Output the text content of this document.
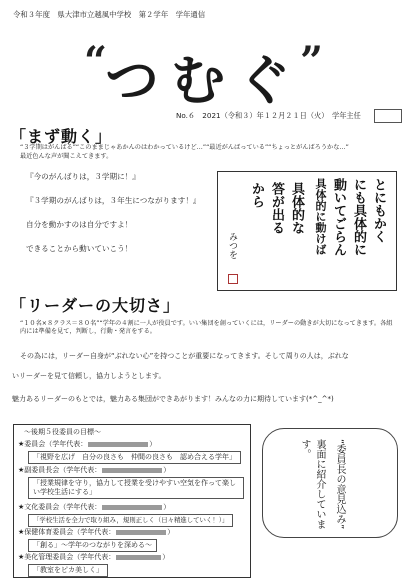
令和３年度　県大津市立越風中学校　第２学年　学年通信
“
つむぐ
”
No.６　2021（令和３）年１２月２１日（火）　学年主任
「まず動く」
“３学期はがんばる”“このままじゃあかんのはわかっているけど…”“最近がんばっている”“ちょっとがんばろうかな…”
最近色んな声が聞こえてきます。
『今のがんばりは，３学期に！』
『３学期のがんばりは，３年生につながります！』
自分を動かすのは自分ですよ！
できることから動いていこう！
とにもかく
にも具体的に
動いてごらん
具体的に動けば
具体的な
答が出る
から
みつを
「リーダーの大切さ」
“１０名×８クラス＝８０名”“学年の４割に一人が役員です。いい集団を創っていくには，リーダーの動きが大切になってきます。各組内には準備を見て，判断し，行動・発言をする。
その為には，リーダー自身が“ぶれない心”を持つことが重要になってきます。そして周りの人は，ぶれな
いリーダーを見て信頼し，協力しようとします。
魅力あるリーダーのもとでは，魅力ある集団ができあがります！みんなの力に期待しています(*^_^*)
～後期５役委員の目標～
★委員会（学年代表：	）
「視野を広げ　自分の良さも　仲間の良さも　認め合える学年」
★副委員長会（学年代表：	）
「授業規律を守り，協力して授業を受けやすい空気を作って楽しい学校生活にする」
★文化委員会（学年代表：	）
「学校生活を全力で取り組み，規則正しく（日々精進していく！）」
★保健体育委員会（学年代表：	）
「創る」～学年のつながりを深める～
★美化管理委員会（学年代表：	）
「教室をピカ美しく」
“委員長の意見込み”
裏面に紹介しています。
